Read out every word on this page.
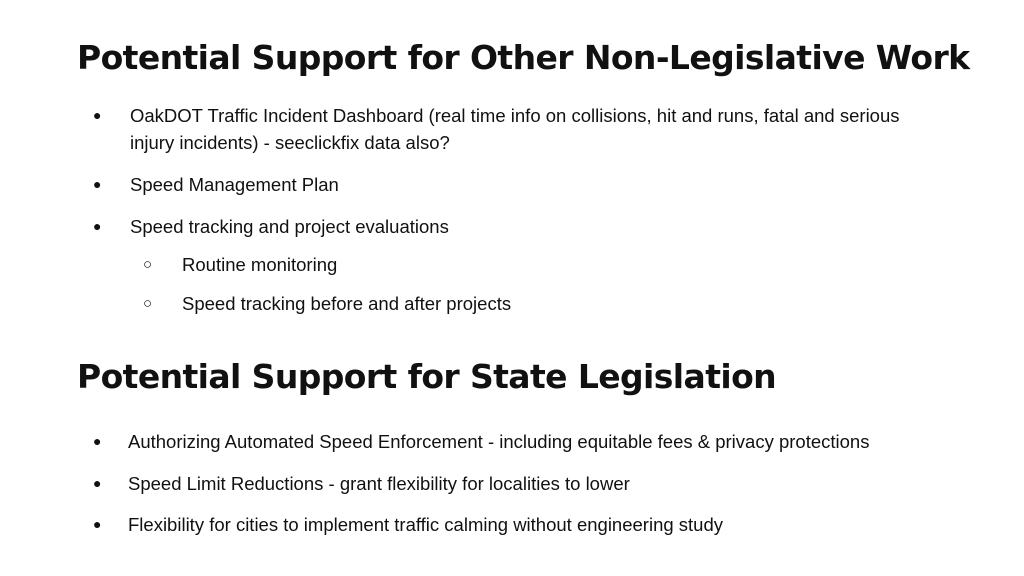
Potential Support for Other Non-Legislative Work
● OakDOT Traffic Incident Dashboard (real time info on collisions, hit and runs, fatal and serious injury incidents) - seeclickfix data also?
● Speed Management Plan
● Speed tracking and project evaluations
○ Routine monitoring
○ Speed tracking before and after projects
Potential Support for State Legislation
● Authorizing Automated Speed Enforcement - including equitable fees & privacy protections
● Speed Limit Reductions - grant flexibility for localities to lower
● Flexibility for cities to implement traffic calming without engineering study
